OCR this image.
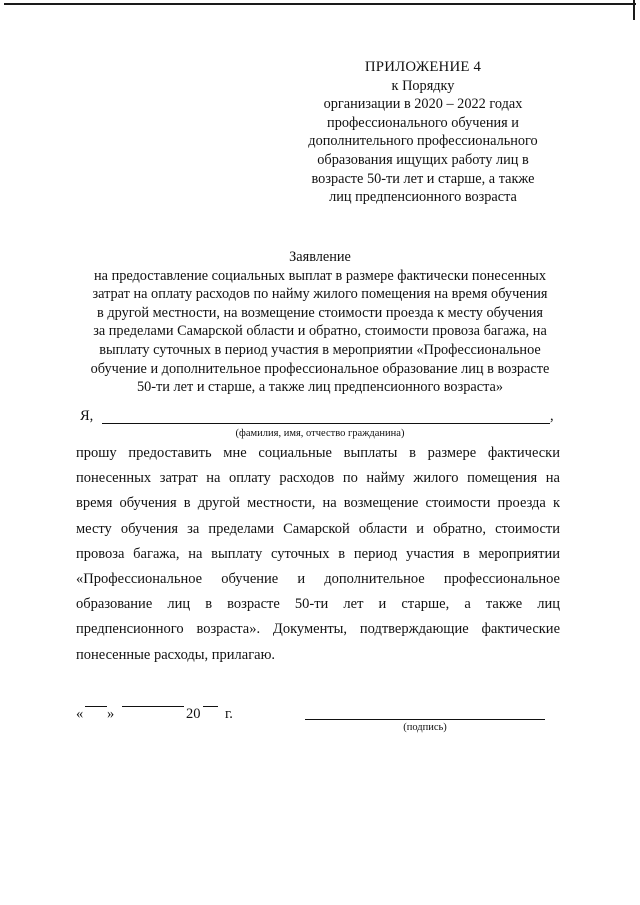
ПРИЛОЖЕНИЕ 4
к Порядку
организации в 2020 – 2022 годах
профессионального обучения и
дополнительного профессионального
образования ищущих работу лиц в
возрасте 50-ти лет и старше, а также
лиц предпенсионного возраста
Заявление
на предоставление социальных выплат в размере фактически понесенных
затрат на оплату расходов по найму жилого помещения на время обучения
в другой местности, на возмещение стоимости проезда к месту обучения
за пределами Самарской области и обратно, стоимости провоза багажа, на
выплату суточных в период участия в мероприятии «Профессиональное
обучение и дополнительное профессиональное образование лиц в возрасте
50-ти лет и старше, а также лиц предпенсионного возраста»
Я,	,
(фамилия, имя, отчество гражданина)
прошу предоставить мне социальные выплаты в размере фактически
понесенных затрат на оплату расходов по найму жилого помещения на
время обучения в другой местности, на возмещение стоимости проезда к
месту обучения за пределами Самарской области и обратно, стоимости
провоза багажа, на выплату суточных в период участия в мероприятии
«Профессиональное обучение и дополнительное профессиональное
образование лиц в возрасте 50-ти лет и старше, а также лиц
предпенсионного возраста». Документы, подтверждающие фактические
понесенные расходы, прилагаю.
« »	20 г.
(подпись)
